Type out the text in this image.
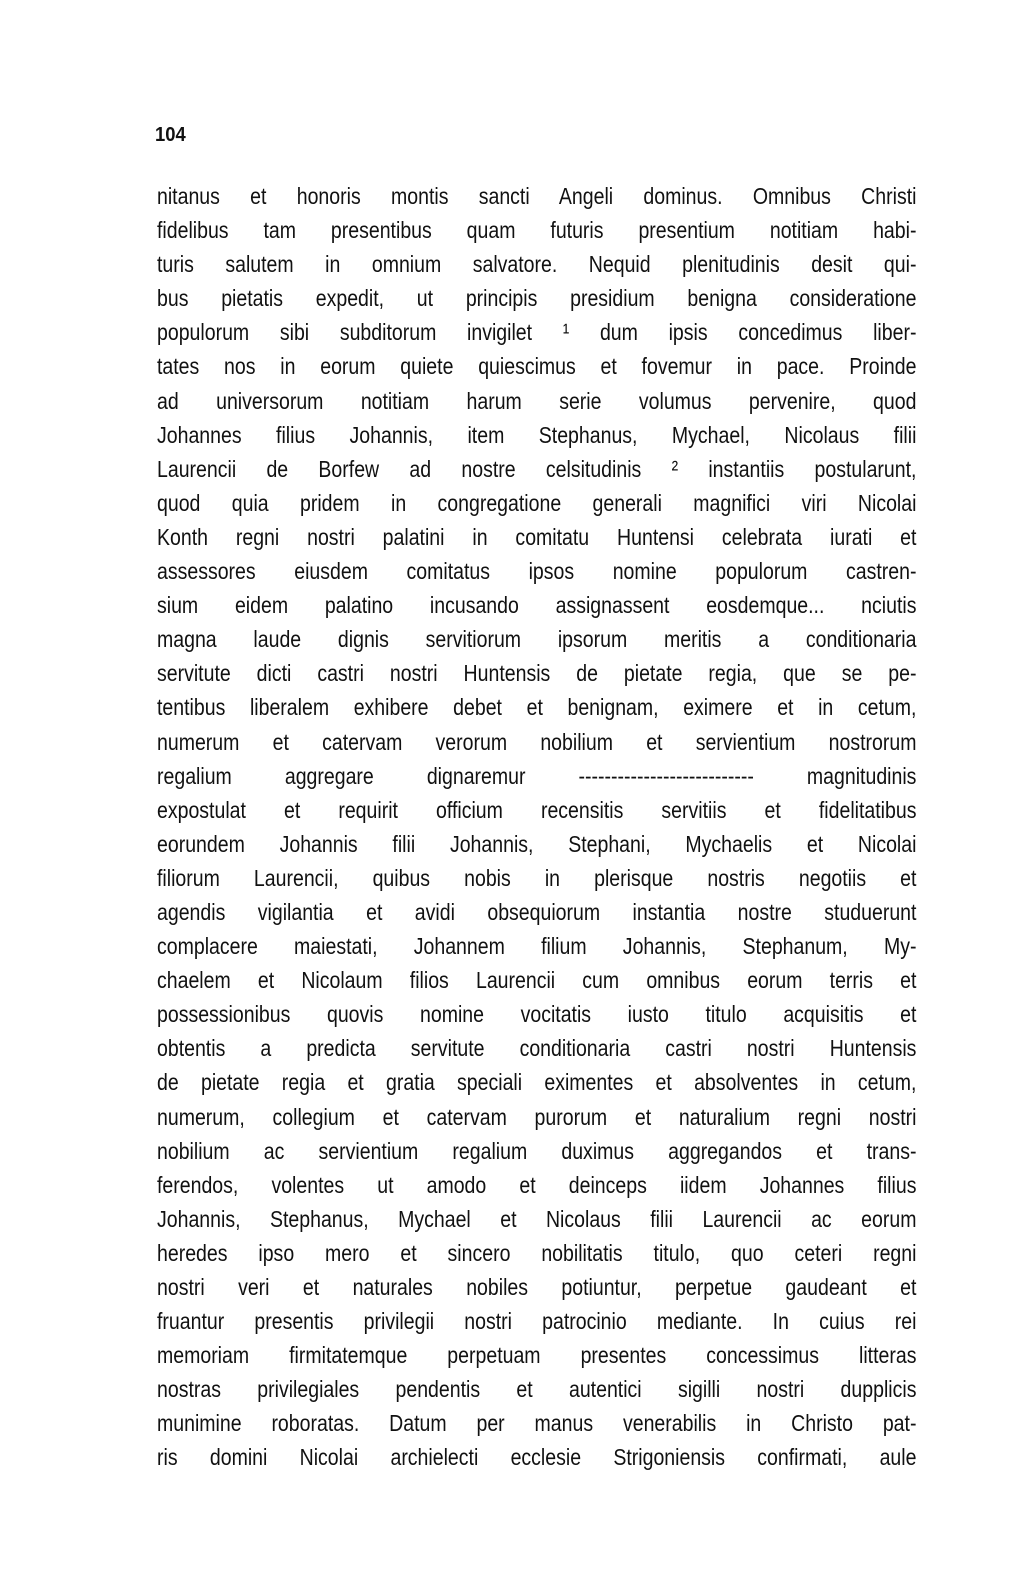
104
nitanus et honoris montis sancti Angeli dominus. Omnibus Christi
fidelibus tam presentibus quam futuris presentium notitiam habi-
turis salutem in omnium salvatore. Nequid plenitudinis desit qui-
bus pietatis expedit, ut principis presidium benigna consideratione
populorum sibi subditorum invigilet ¹ dum ipsis concedimus liber-
tates nos in eorum quiete quiescimus et fovemur in pace. Proinde
ad universorum notitiam harum serie volumus pervenire, quod
Johannes filius Johannis, item Stephanus, Mychael, Nicolaus filii
Laurencii de Borfew ad nostre celsitudinis ² instantiis postularunt,
quod quia pridem in congregatione generali magnifici viri Nicolai
Konth regni nostri palatini in comitatu Huntensi celebrata iurati et
assessores eiusdem comitatus ipsos nomine populorum castren-
sium eidem palatino incusando assignassent eosdemque... nciutis
magna laude dignis servitiorum ipsorum meritis a conditionaria
servitute dicti castri nostri Huntensis de pietate regia, que se pe-
tentibus liberalem exhibere debet et benignam, eximere et in cetum,
numerum et catervam verorum nobilium et servientium nostrorum
regalium aggregare dignaremur --------------------------- magnitudinis
expostulat et requirit officium recensitis servitiis et fidelitatibus
eorundem Johannis filii Johannis, Stephani, Mychaelis et Nicolai
filiorum Laurencii, quibus nobis in plerisque nostris negotiis et
agendis vigilantia et avidi obsequiorum instantia nostre studuerunt
complacere maiestati, Johannem filium Johannis, Stephanum, My-
chaelem et Nicolaum filios Laurencii cum omnibus eorum terris et
possessionibus quovis nomine vocitatis iusto titulo acquisitis et
obtentis a predicta servitute conditionaria castri nostri Huntensis
de pietate regia et gratia speciali eximentes et absolventes in cetum,
numerum, collegium et catervam purorum et naturalium regni nostri
nobilium ac servientium regalium duximus aggregandos et trans-
ferendos, volentes ut amodo et deinceps iidem Johannes filius
Johannis, Stephanus, Mychael et Nicolaus filii Laurencii ac eorum
heredes ipso mero et sincero nobilitatis titulo, quo ceteri regni
nostri veri et naturales nobiles potiuntur, perpetue gaudeant et
fruantur presentis privilegii nostri patrocinio mediante. In cuius rei
memoriam firmitatemque perpetuam presentes concessimus litteras
nostras privilegiales pendentis et autentici sigilli nostri dupplicis
munimine roboratas. Datum per manus venerabilis in Christo pat-
ris domini Nicolai archielecti ecclesie Strigoniensis confirmati, aule
